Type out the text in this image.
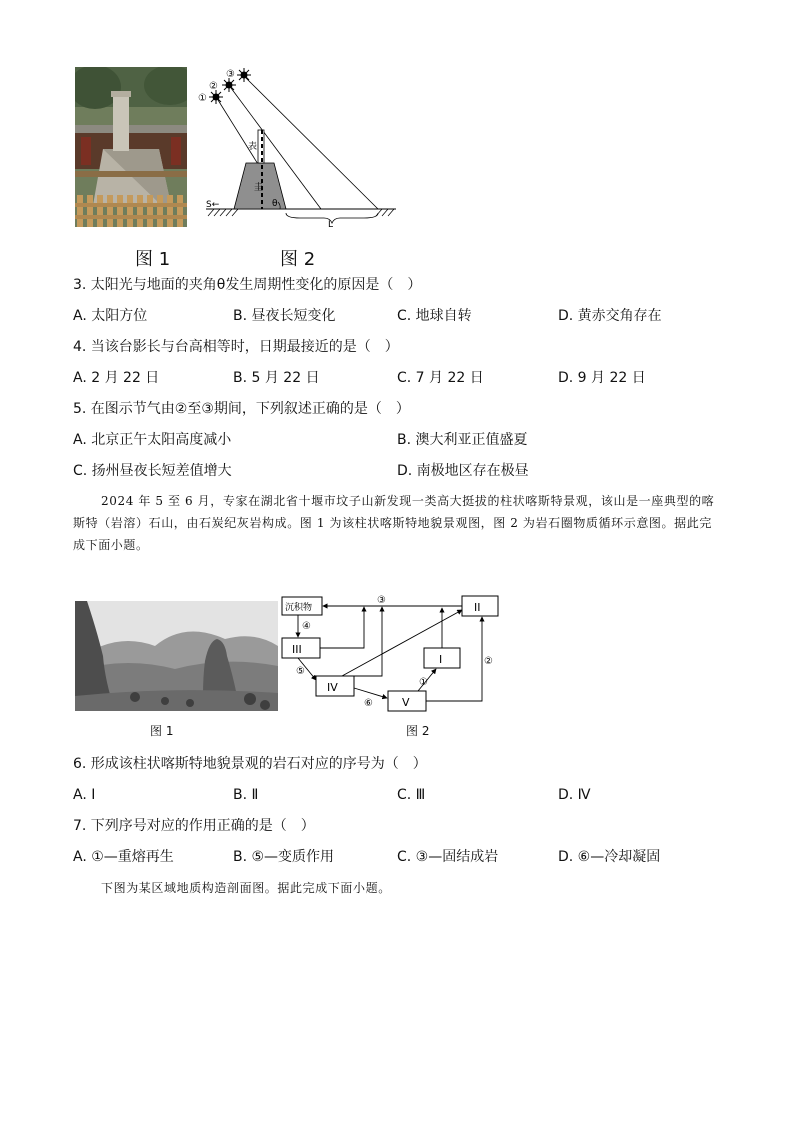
①
②
③
表
圭
θ
S←
L
图 1	图 2
3. 太阳光与地面的夹角θ发生周期性变化的原因是（　）
A. 太阳方位	B. 昼夜长短变化	C. 地球自转	D. 黄赤交角存在
4. 当该台影长与台高相等时，日期最接近的是（　）
A. 2 月 22 日	B. 5 月 22 日	C. 7 月 22 日	D. 9 月 22 日
5. 在图示节气由②至③期间，下列叙述正确的是（　）
A. 北京正午太阳高度减小	B. 澳大利亚正值盛夏
C. 扬州昼夜长短差值增大	D. 南极地区存在极昼
2024 年 5 至 6 月，专家在湖北省十堰市坟子山新发现一类高大挺拔的柱状喀斯特景观，该山是一座典型的喀斯特（岩溶）石山，由石炭纪灰岩构成。图 1 为该柱状喀斯特地貌景观图，图 2 为岩石圈物质循环示意图。据此完成下面小题。
沉积物	II
III
I
IV
V
③
④
⑤
⑥
①
②
图 1	图 2
6. 形成该柱状喀斯特地貌景观的岩石对应的序号为（　）
A. Ⅰ	B. Ⅱ	C. Ⅲ	D. Ⅳ
7. 下列序号对应的作用正确的是（　）
A. ①—重熔再生	B. ⑤—变质作用	C. ③—固结成岩	D. ⑥—冷却凝固
下图为某区域地质构造剖面图。据此完成下面小题。
